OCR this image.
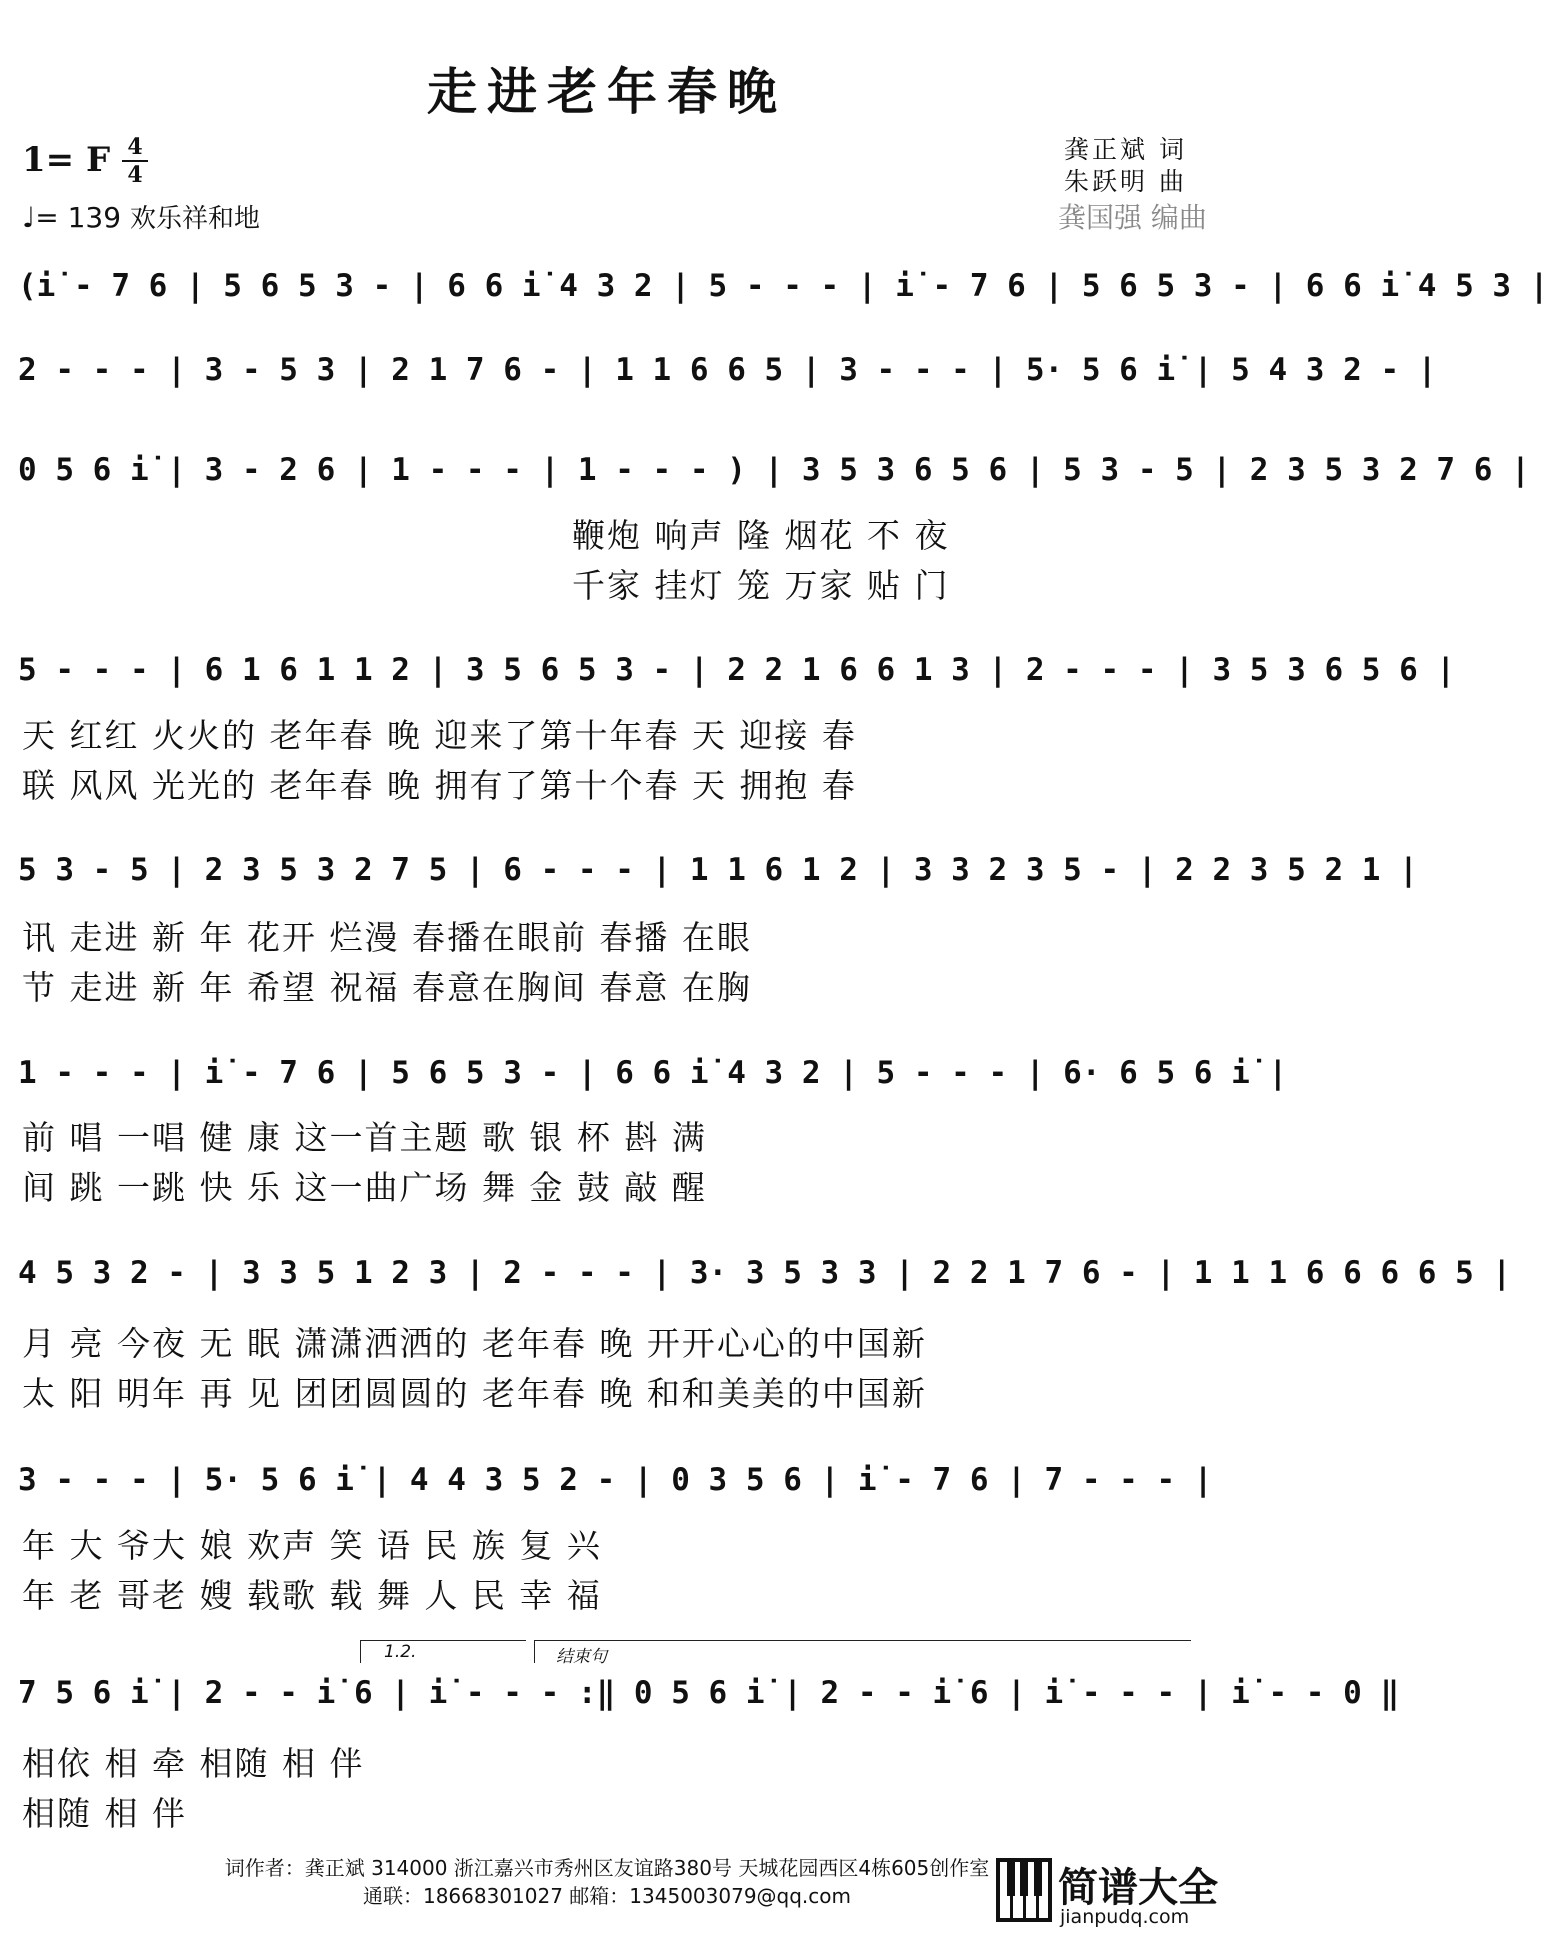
走进老年春晚
1= F 4
4
♩= 139 欢乐祥和地
龚正斌 词
朱跃明 曲
龚国强 编曲
(i̇ - 7 6 | 5 6 5 3 - | 6 6 i̇ 4 3 2 | 5 - - - | i̇ - 7 6 | 5 6 5 3 - | 6 6 i̇ 4 5 3 |
2 - - - | 3 - 5 3 | 2 1 7 6 - | 1 1 6 6 5 | 3 - - - | 5· 5 6 i̇ | 5 4 3 2 - |
0 5 6 i̇ | 3 - 2 6 | 1 - - - | 1 - - - ) | 3 5 3 6 5 6 | 5 3 - 5 | 2 3 5 3 2 7 6 |
鞭炮 响声 隆 烟花 不 夜
千家 挂灯 笼 万家 贴 门
5 - - - | 6 1 6 1 1 2 | 3 5 6 5 3 - | 2 2 1 6 6 1 3 | 2 - - - | 3 5 3 6 5 6 |
天 红红 火火的 老年春 晚 迎来了第十年春 天 迎接 春
联 风风 光光的 老年春 晚 拥有了第十个春 天 拥抱 春
5 3 - 5 | 2 3 5 3 2 7 5 | 6 - - - | 1 1 6 1 2 | 3 3 2 3 5 - | 2 2 3 5 2 1 |
讯 走进 新 年 花开 烂漫 春播在眼前 春播 在眼
节 走进 新 年 希望 祝福 春意在胸间 春意 在胸
1 - - - | i̇ - 7 6 | 5 6 5 3 - | 6 6 i̇ 4 3 2 | 5 - - - | 6· 6 5 6 i̇ |
前 唱 一唱 健 康 这一首主题 歌 银 杯 斟 满
间 跳 一跳 快 乐 这一曲广场 舞 金 鼓 敲 醒
4 5 3 2 - | 3 3 5 1 2 3 | 2 - - - | 3· 3 5 3 3 | 2 2 1 7 6 - | 1 1 1 6 6 6 6 5 |
月 亮 今夜 无 眠 潇潇洒洒的 老年春 晚 开开心心的中国新
太 阳 明年 再 见 团团圆圆的 老年春 晚 和和美美的中国新
3 - - - | 5· 5 6 i̇ | 4 4 3 5 2 - | 0 3 5 6 | i̇ - 7 6 | 7 - - - |
年 大 爷大 娘 欢声 笑 语 民 族 复 兴
年 老 哥老 嫂 载歌 载 舞 人 民 幸 福
1.2.	结束句
7 5 6 i̇ | 2 - - i̇ 6 | i̇ - - - :‖ 0 5 6 i̇ | 2 - - i̇ 6 | i̇ - - - | i̇ - - 0 ‖
相依 相 牵 相随 相 伴
相随 相 伴
词作者：龚正斌 314000 浙江嘉兴市秀州区友谊路380号 天城花园西区4栋605创作室
通联：18668301027 邮箱：1345003079@qq.com	简谱大全
jianpudq.com
